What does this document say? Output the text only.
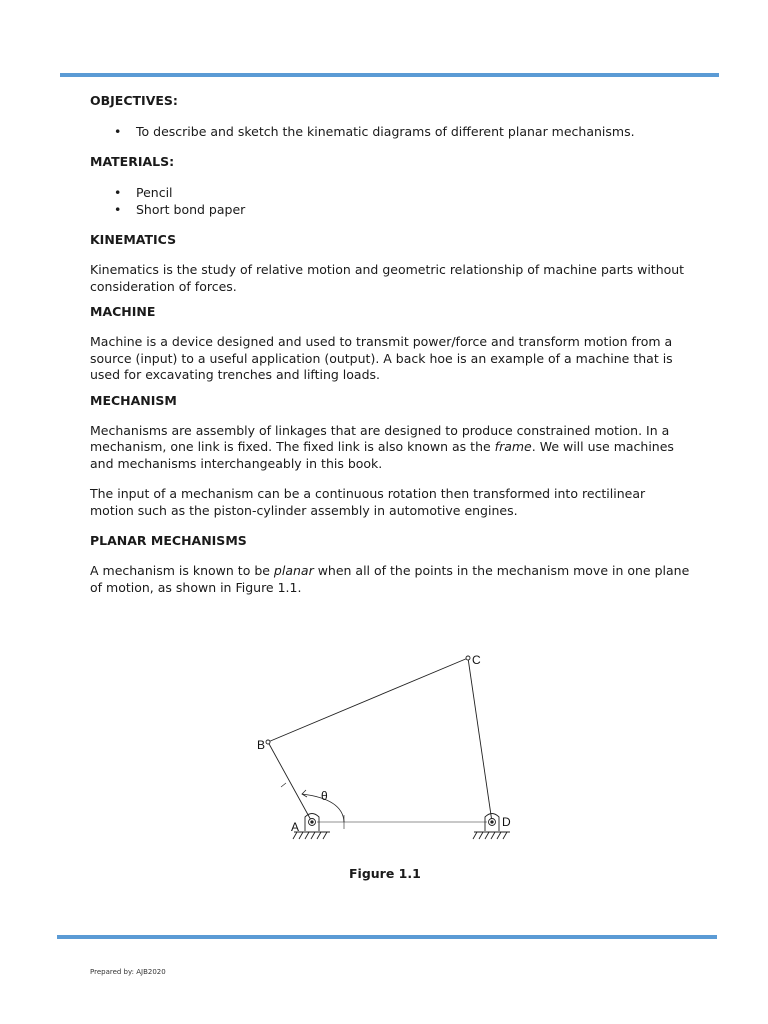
OBJECTIVES:
• To describe and sketch the kinematic diagrams of different planar mechanisms.
MATERIALS:
• Pencil
• Short bond paper
KINEMATICS

Kinematics is the study of relative motion and geometric relationship of machine parts without consideration of forces.

MACHINE

Machine is a device designed and used to transmit power/force and transform motion from a source (input) to a useful application (output). A back hoe is an example of a machine that is used for excavating trenches and lifting loads.

MECHANISM

Mechanisms are assembly of linkages that are designed to produce constrained motion. In a mechanism, one link is fixed. The fixed link is also known as the frame. We will use machines and mechanisms interchangeably in this book.

The input of a mechanism can be a continuous rotation then transformed into rectilinear motion such as the piston-cylinder assembly in automotive engines.

PLANAR MECHANISMS

A mechanism is known to be planar when all of the points in the mechanism move in one plane of motion, as shown in Figure 1.1.

A
B
C
D
θ
Figure 1.1
Prepared by: AJB2020
